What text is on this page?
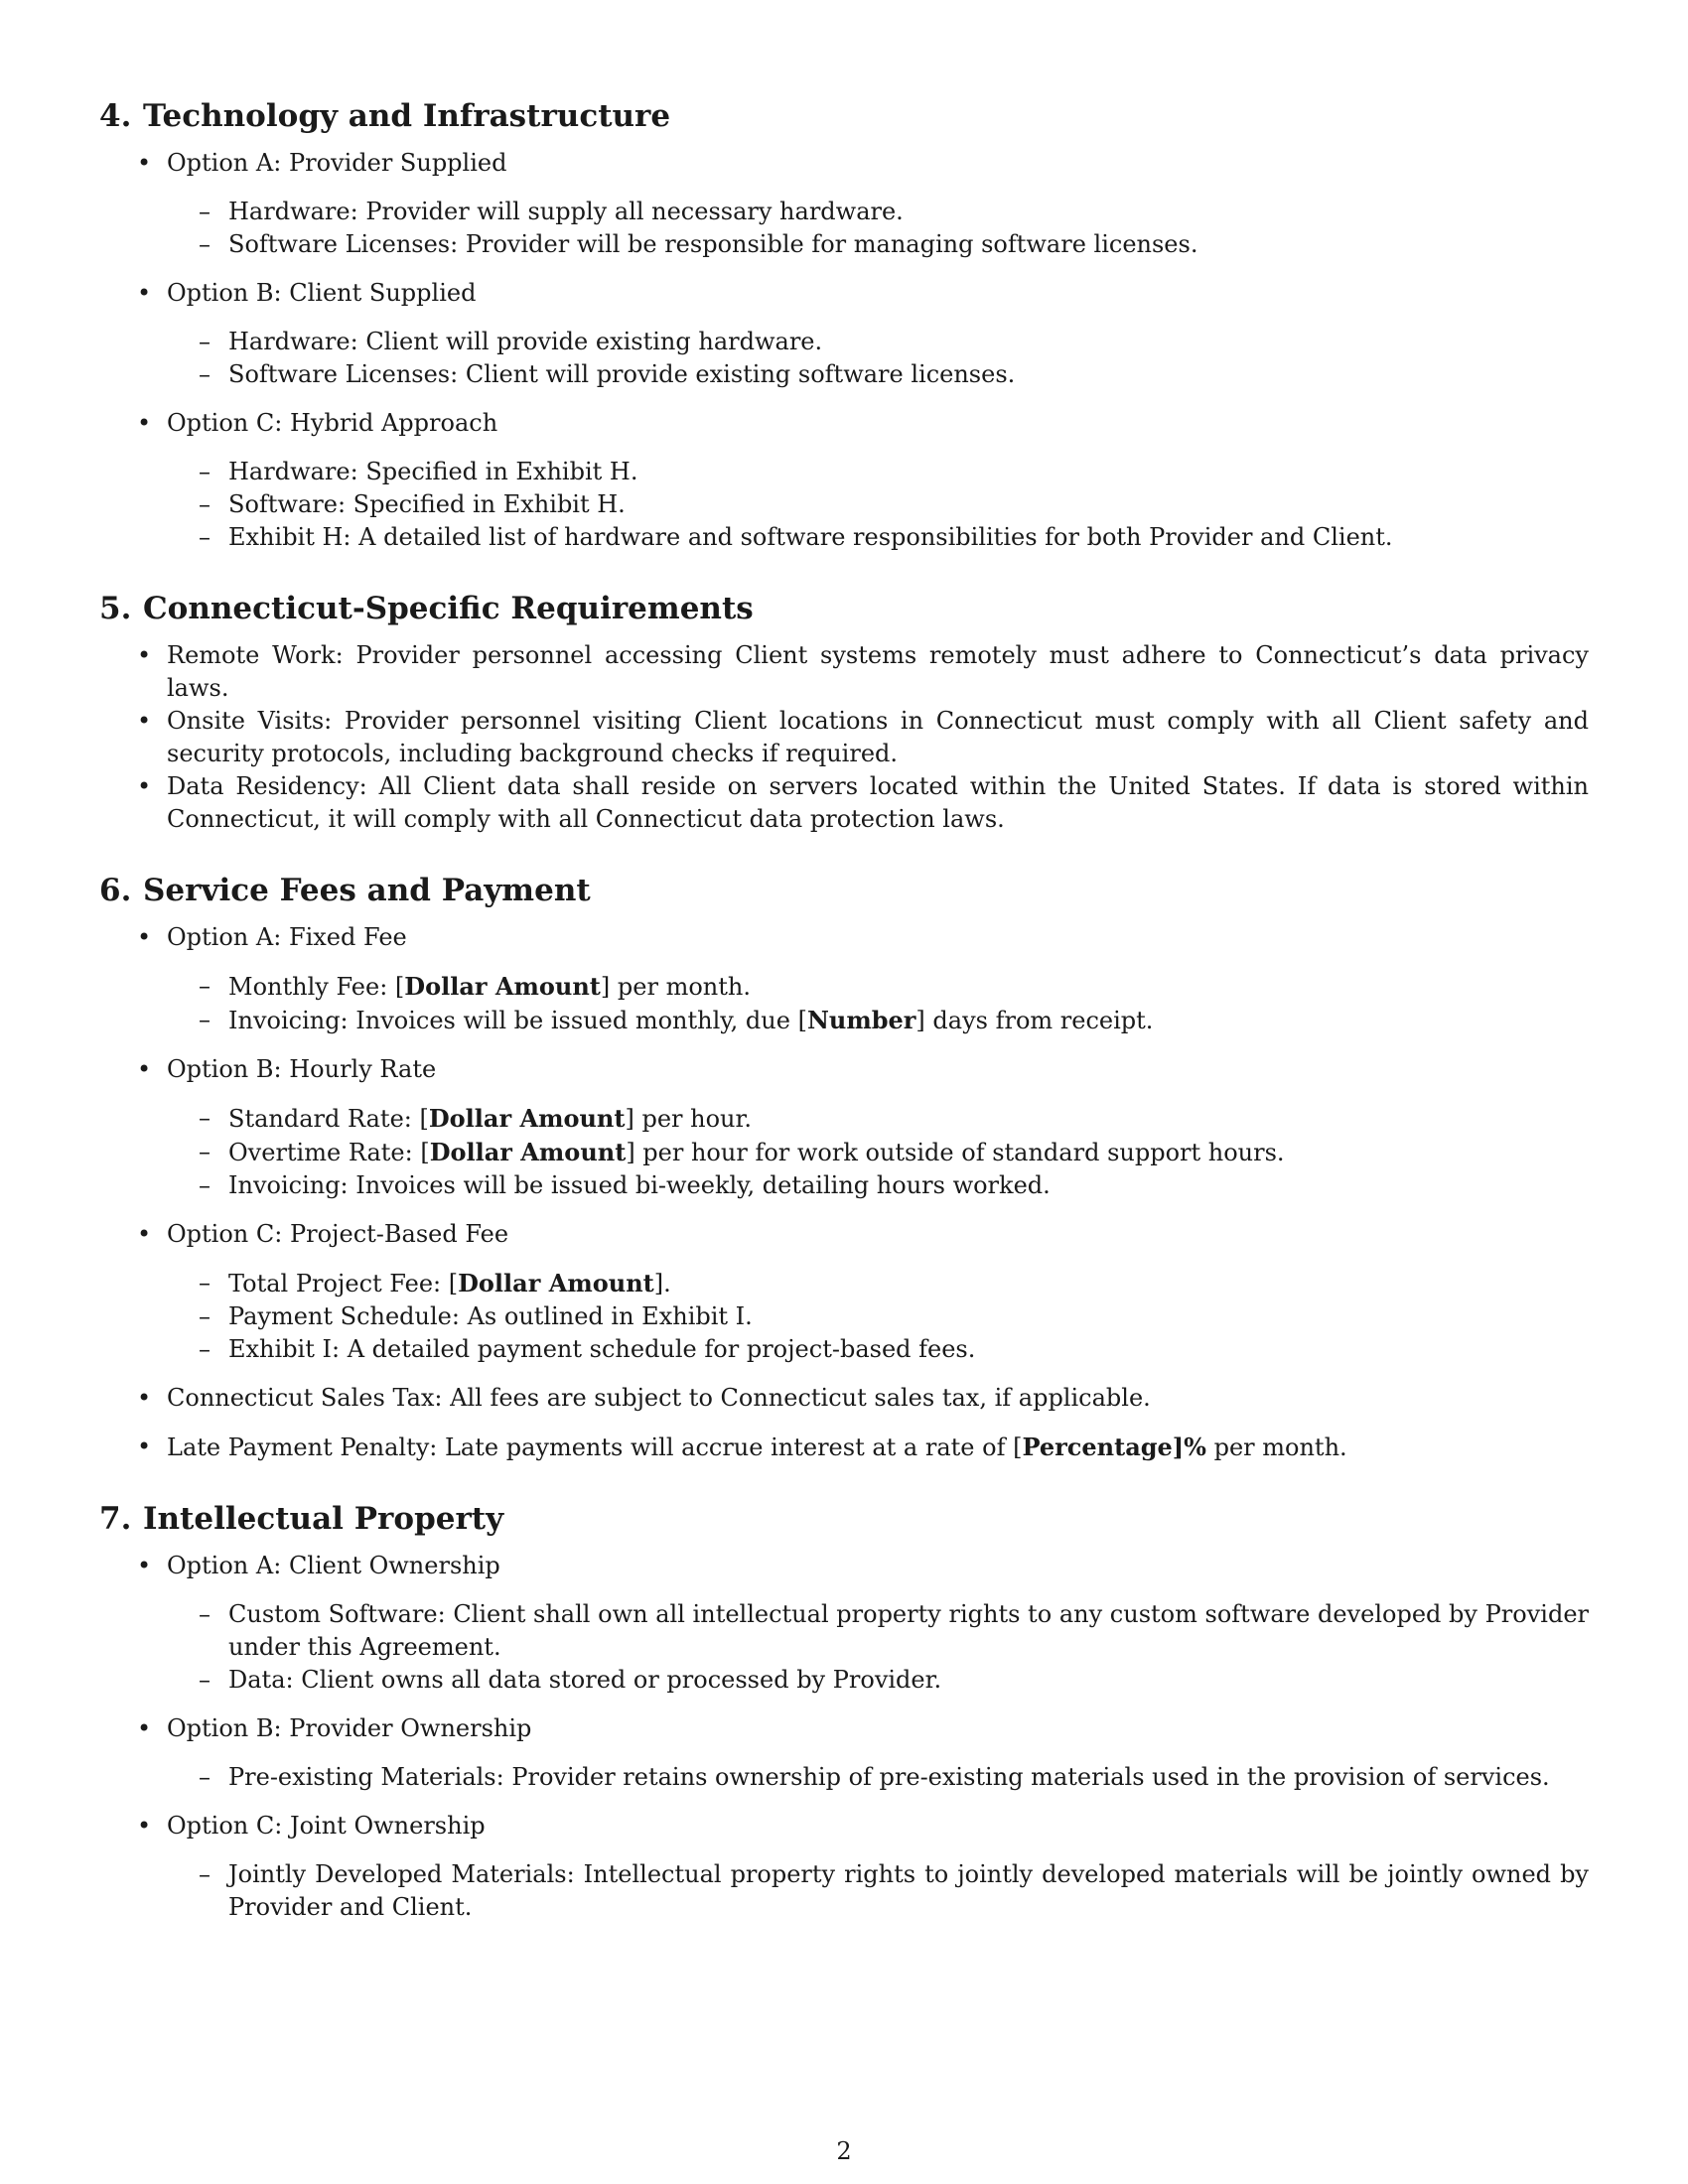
4. Technology and Infrastructure
• Option A: Provider Supplied
– Hardware: Provider will supply all necessary hardware.
– Software Licenses: Provider will be responsible for managing software licenses.
• Option B: Client Supplied
– Hardware: Client will provide existing hardware.
– Software Licenses: Client will provide existing software licenses.
• Option C: Hybrid Approach
– Hardware: Specified in Exhibit H.
– Software: Specified in Exhibit H.
– Exhibit H: A detailed list of hardware and software responsibilities for both Provider and Client.
5. Connecticut-Specific Requirements
• Remote Work: Provider personnel accessing Client systems remotely must adhere to Connecticut’s data privacy laws.
• Onsite Visits: Provider personnel visiting Client locations in Connecticut must comply with all Client safety and security protocols, including background checks if required.
• Data Residency: All Client data shall reside on servers located within the United States. If data is stored within Connecticut, it will comply with all Connecticut data protection laws.
6. Service Fees and Payment
• Option A: Fixed Fee
– Monthly Fee: [Dollar Amount] per month.
– Invoicing: Invoices will be issued monthly, due [Number] days from receipt.
• Option B: Hourly Rate
– Standard Rate: [Dollar Amount] per hour.
– Overtime Rate: [Dollar Amount] per hour for work outside of standard support hours.
– Invoicing: Invoices will be issued bi-weekly, detailing hours worked.
• Option C: Project-Based Fee
– Total Project Fee: [Dollar Amount].
– Payment Schedule: As outlined in Exhibit I.
– Exhibit I: A detailed payment schedule for project-based fees.
• Connecticut Sales Tax: All fees are subject to Connecticut sales tax, if applicable.
• Late Payment Penalty: Late payments will accrue interest at a rate of [Percentage]% per month.
7. Intellectual Property
• Option A: Client Ownership
– Custom Software: Client shall own all intellectual property rights to any custom software developed by Provider under this Agreement.
– Data: Client owns all data stored or processed by Provider.
• Option B: Provider Ownership
– Pre-existing Materials: Provider retains ownership of pre-existing materials used in the provision of services.
• Option C: Joint Ownership
– Jointly Developed Materials: Intellectual property rights to jointly developed materials will be jointly owned by Provider and Client.
2
